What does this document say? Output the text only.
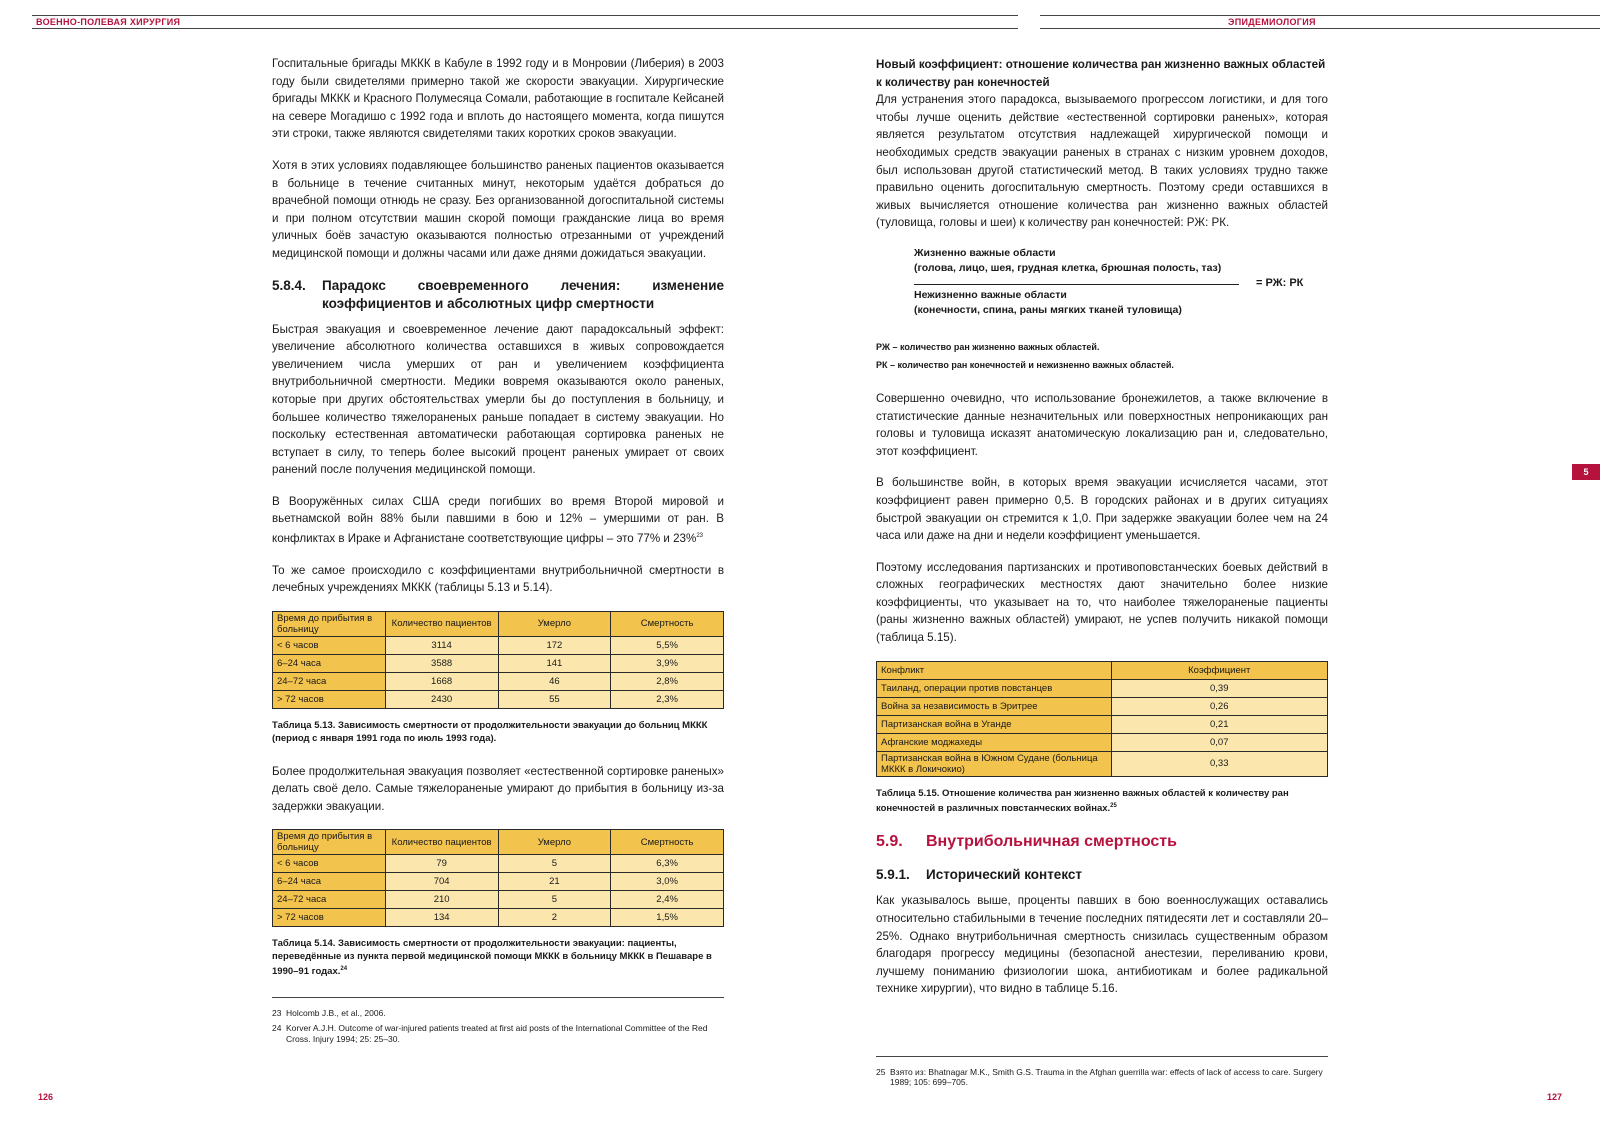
ВОЕННО-ПОЛЕВАЯ ХИРУРГИЯ	ЭПИДЕМИОЛОГИЯ

Госпитальные бригады МККК в Кабуле в 1992 году и в Монровии (Либерия) в 2003 году были свидетелями примерно такой же скорости эвакуации. Хирургические бригады МККК и Красного Полумесяца Сомали, работающие в госпитале Кейсаней на севере Могадишо с 1992 года и вплоть до настоящего момента, когда пишутся эти строки, также являются свидетелями таких коротких сроков эвакуации.

Хотя в этих условиях подавляющее большинство раненых пациентов оказывается в больнице в течение считанных минут, некоторым удаётся добраться до врачебной помощи отнюдь не сразу. Без организованной догоспитальной системы и при полном отсутствии машин скорой помощи гражданские лица во время уличных боёв зачастую оказываются полностью отрезанными от учреждений медицинской помощи и должны часами или даже днями дожидаться эвакуации.

5.8.4.	Парадокс своевременного лечения: изменение коэффициентов и абсолютных цифр смертности

Быстрая эвакуация и своевременное лечение дают парадоксальный эффект: увеличение абсолютного количества оставшихся в живых сопровождается увеличением числа умерших от ран и увеличением коэффициента внутрибольничной смертности. Медики вовремя оказываются около раненых, которые при других обстоятельствах умерли бы до поступления в больницу, и большее количество тяжелораненых раньше попадает в систему эвакуации. Но поскольку естественная автоматически работающая сортировка раненых не вступает в силу, то теперь более высокий процент раненых умирает от своих ранений после получения медицинской помощи.

В Вооружённых силах США среди погибших во время Второй мировой и вьетнамской войн 88% были павшими в бою и 12% – умершими от ран. В конфликтах в Ираке и Афганистане соответствующие цифры – это 77% и 23%$^{23}$

То же самое происходило с коэффициентами внутрибольничной смертности в лечебных учреждениях МККК (таблицы 5.13 и 5.14).

Время до прибытия в больницу	Количество пациентов	Умерло	Смертность
< 6 часов	3114	172	5,5%
6–24 часа	3588	141	3,9%
24–72 часа	1668	46	2,8%
> 72 часов	2430	55	2,3%
Таблица 5.13. Зависимость смертности от продолжительности эвакуации до больниц МККК (период с января 1991 года по июль 1993 года).

Более продолжительная эвакуация позволяет «естественной сортировке раненых» делать своё дело. Самые тяжелораненые умирают до прибытия в больницу из-за задержки эвакуации.

Время до прибытия в больницу	Количество пациентов	Умерло	Смертность
< 6 часов	79	5	6,3%
6–24 часа	704	21	3,0%
24–72 часа	210	5	2,4%
> 72 часов	134	2	1,5%
Таблица 5.14. Зависимость смертности от продолжительности эвакуации: пациенты, переведённые из пункта первой медицинской помощи МККК в больницу МККК в Пешаваре в 1990–91 годах.$^{24}$
23 Holcomb J.B., et al., 2006.
24 Korver A.J.H. Outcome of war-injured patients treated at first aid posts of the International Committee of the Red Cross. Injury 1994; 25: 25–30.
126

Новый коэффициент: отношение количества ран жизненно важных областей к количеству ран конечностей

Для устранения этого парадокса, вызываемого прогрессом логистики, и для того чтобы лучше оценить действие «естественной сортировки раненых», которая является результатом отсутствия надлежащей хирургической помощи и необходимых средств эвакуации раненых в странах с низким уровнем доходов, был использован другой статистический метод. В таких условиях трудно также правильно оценить догоспитальную смертность. Поэтому среди оставшихся в живых вычисляется отношение количества ран жизненно важных областей (туловища, головы и шеи) к количеству ран конечностей: РЖ: РК.

Жизненно важные области
(голова, лицо, шея, грудная клетка, брюшная полость, таз)
Нежизненно важные области
(конечности, спина, раны мягких тканей туловища)
= РЖ: РК
РЖ – количество ран жизненно важных областей.
РК – количество ран конечностей и нежизненно важных областей.

Совершенно очевидно, что использование бронежилетов, а также включение в статистические данные незначительных или поверхностных непроникающих ран головы и туловища исказят анатомическую локализацию ран и, следовательно, этот коэффициент.

В большинстве войн, в которых время эвакуации исчисляется часами, этот коэффициент равен примерно 0,5. В городских районах и в других ситуациях быстрой эвакуации он стремится к 1,0. При задержке эвакуации более чем на 24 часа или даже на дни и недели коэффициент уменьшается.

Поэтому исследования партизанских и противоповстанческих боевых действий в сложных географических местностях дают значительно более низкие коэффициенты, что указывает на то, что наиболее тяжелораненые пациенты (раны жизненно важных областей) умирают, не успев получить никакой помощи (таблица 5.15).

Конфликт	Коэффициент
Таиланд, операции против повстанцев	0,39
Война за независимость в Эритрее	0,26
Партизанская война в Уганде	0,21
Афганские моджахеды	0,07
Партизанская война в Южном Судане (больница МККК в Локичокио)	0,33
Таблица 5.15. Отношение количества ран жизненно важных областей к количеству ран конечностей в различных повстанческих войнах.$^{25}$
5.9.	Внутрибольничная смертность
5.9.1.	Исторический контекст

Как указывалось выше, проценты павших в бою военнослужащих оставались относительно стабильными в течение последних пятидесяти лет и составляли 20–25%. Однако внутрибольничная смертность снизилась существенным образом благодаря прогрессу медицины (безопасной анестезии, переливанию крови, лучшему пониманию физиологии шока, антибиотикам и более радикальной технике хирургии), что видно в таблице 5.16.

25 Взято из: Bhatnagar M.K., Smith G.S. Trauma in the Afghan guerrilla war: effects of lack of access to care. Surgery 1989; 105: 699–705.
127
5
